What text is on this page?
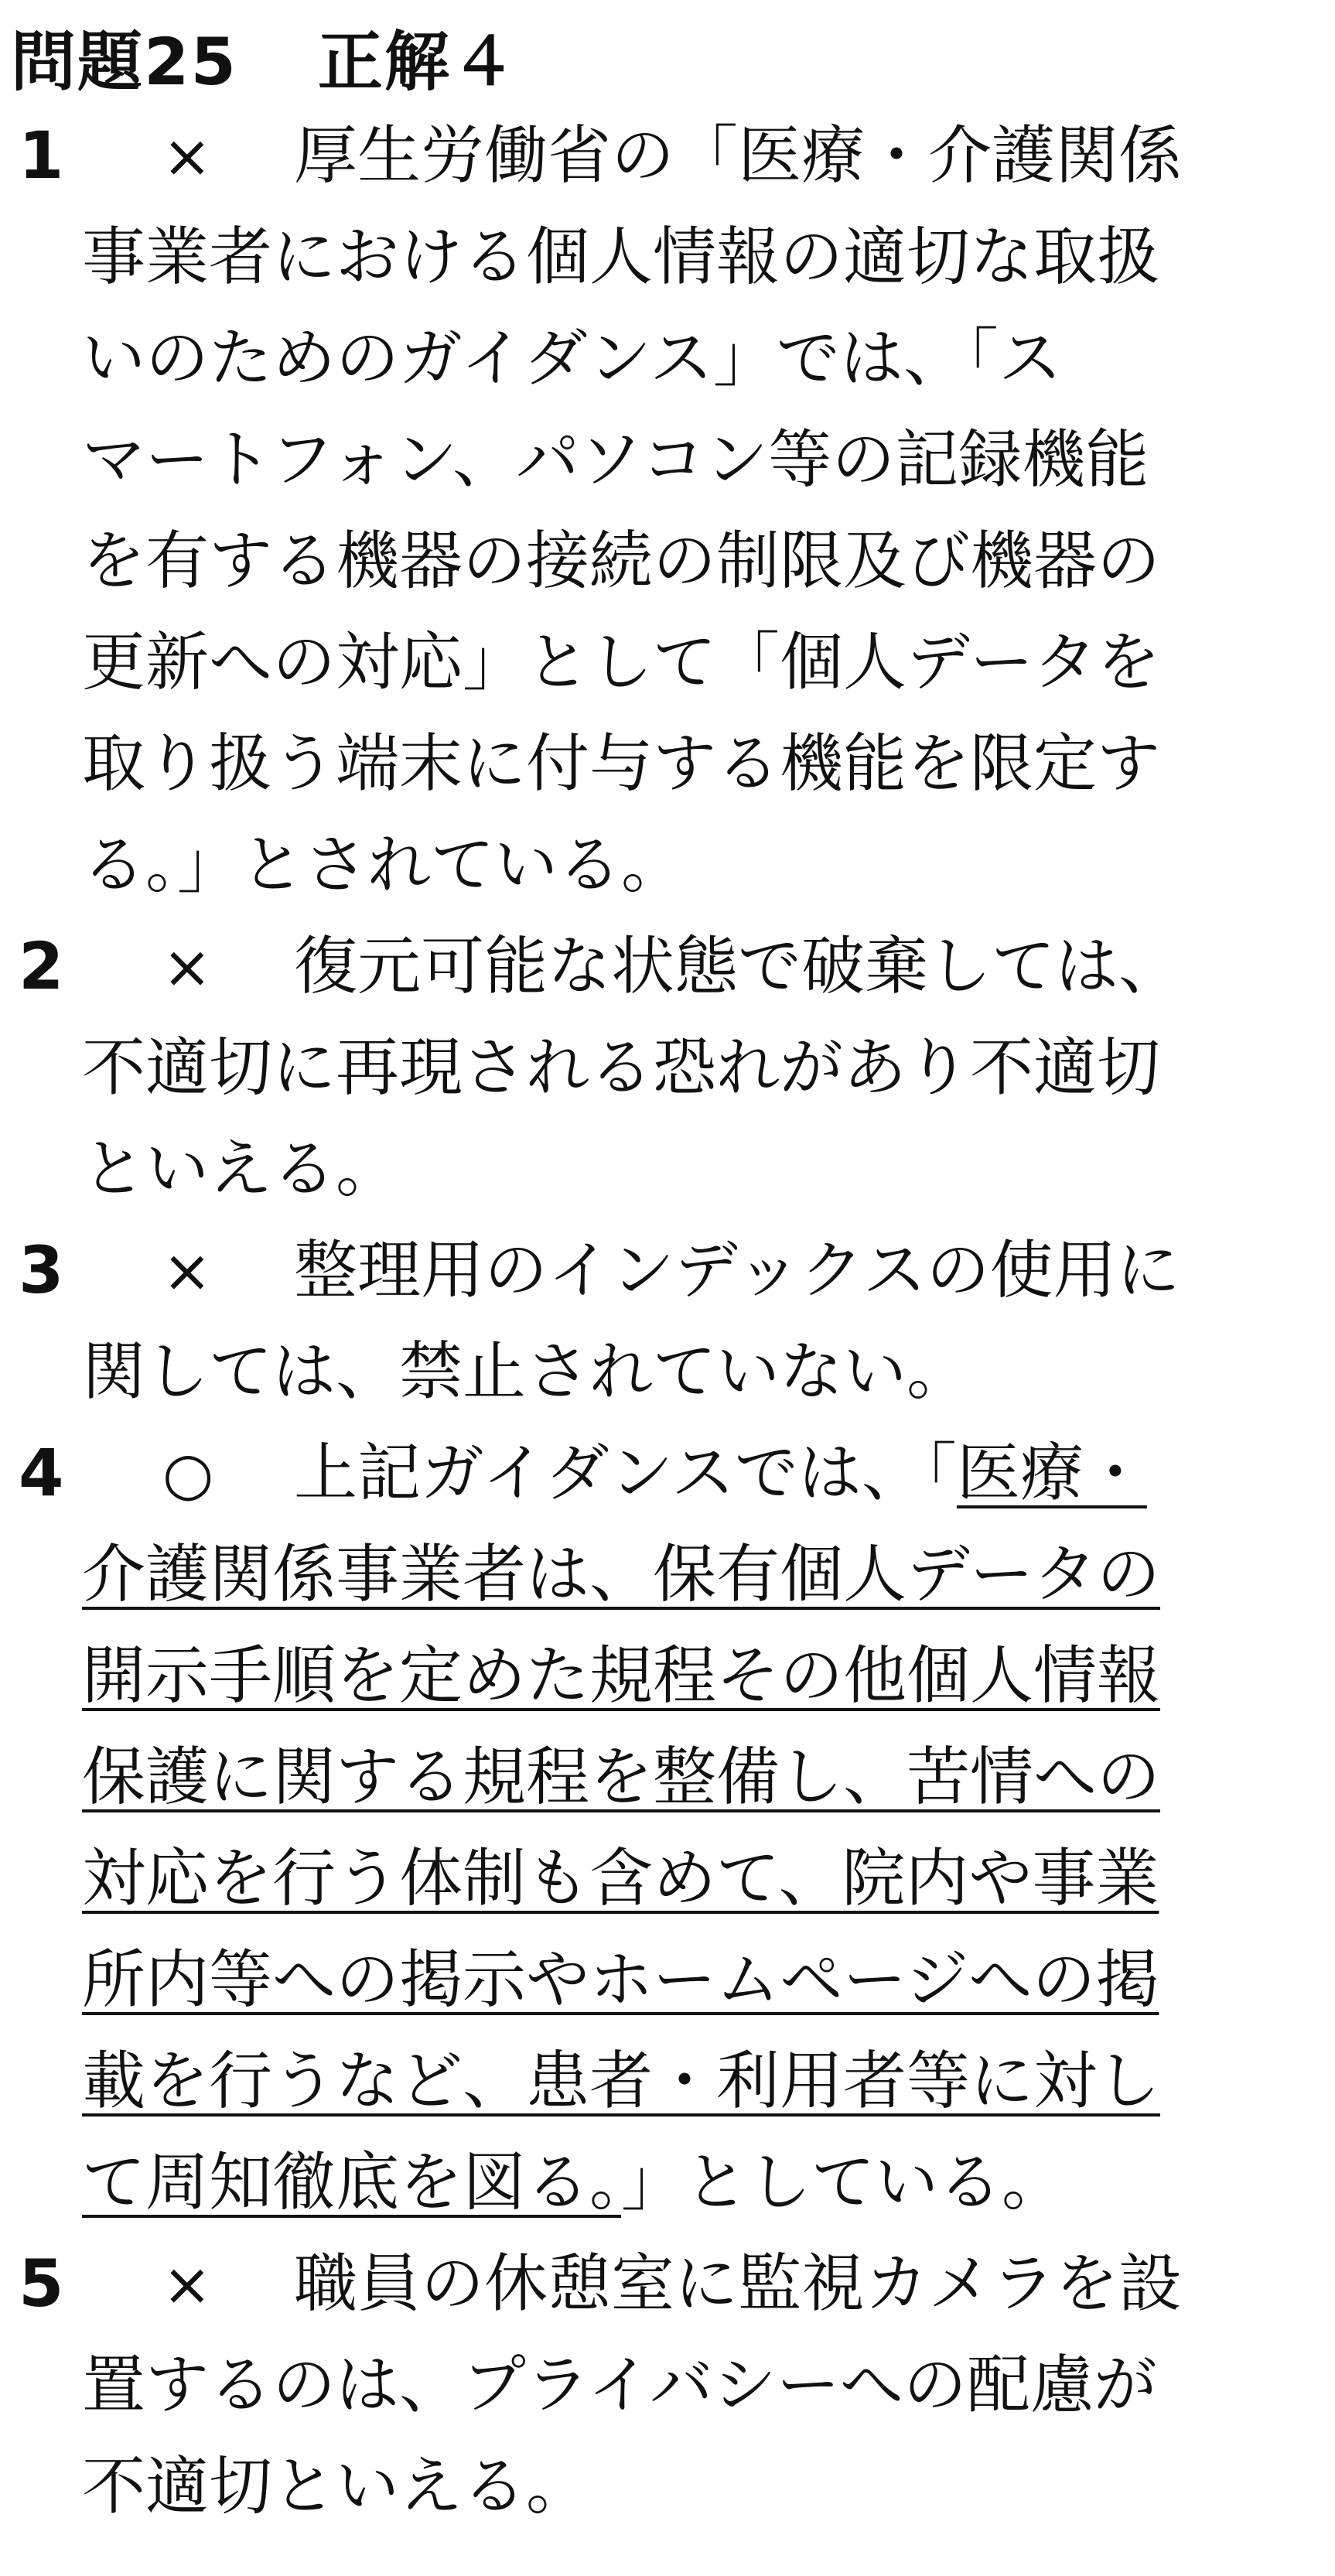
問題25 正解４
1 × 厚生労働省の「医療・介護関係
事業者における個人情報の適切な取扱
いのためのガイダンス」では、「ス
マートフォン、パソコン等の記録機能
を有する機器の接続の制限及び機器の
更新への対応」として「個人データを
取り扱う端末に付与する機能を限定す
る。」とされている。
2 × 復元可能な状態で破棄しては、
不適切に再現される恐れがあり不適切
といえる。
3 × 整理用のインデックスの使用に
関しては、禁止されていない。
4 ○ 上記ガイダンスでは、「医療・
介護関係事業者は、保有個人データの
開示手順を定めた規程その他個人情報
保護に関する規程を整備し、苦情への
対応を行う体制も含めて、院内や事業
所内等への掲示やホームページへの掲
載を行うなど、患者・利用者等に対し
て周知徹底を図る。」としている。
5 × 職員の休憩室に監視カメラを設
置するのは、プライバシーへの配慮が
不適切といえる。
